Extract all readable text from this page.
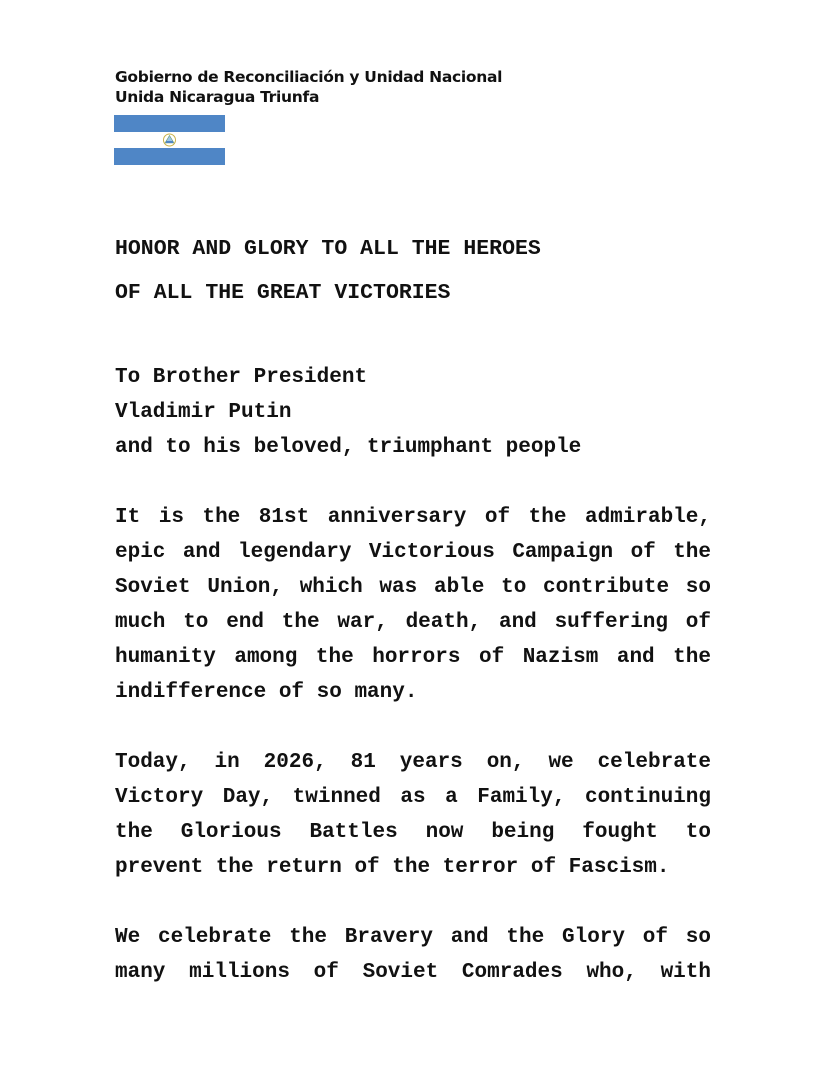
Gobierno de Reconciliación y Unidad Nacional
Unida Nicaragua Triunfa
HONOR AND GLORY TO ALL THE HEROES
OF ALL THE GREAT VICTORIES
To Brother President
Vladimir Putin
and to his beloved, triumphant people
It is the 81st anniversary of the admirable,
epic and legendary Victorious Campaign of the
Soviet Union, which was able to contribute so
much to end the war, death, and suffering of
humanity among the horrors of Nazism and the
indifference of so many.
Today, in 2026, 81 years on, we celebrate
Victory Day, twinned as a Family, continuing
the Glorious Battles now being fought to
prevent the return of the terror of Fascism.
We celebrate the Bravery and the Glory of so
many millions of Soviet Comrades who, with
